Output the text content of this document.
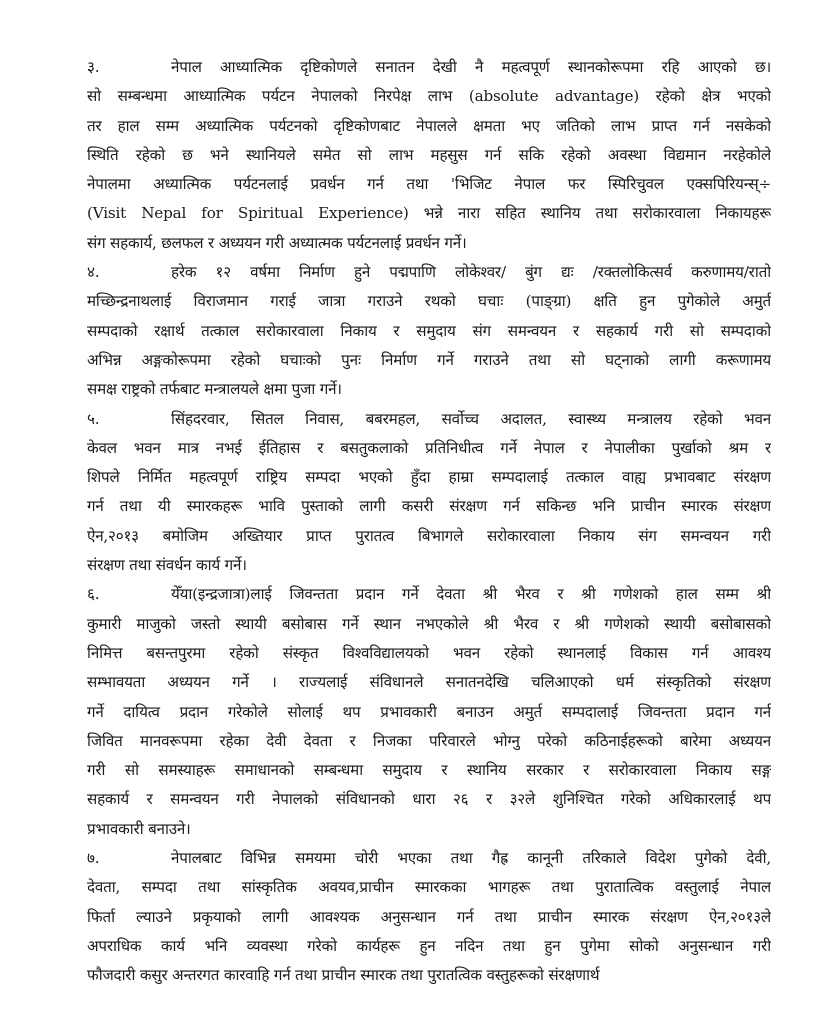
३.	नेपाल आध्यात्मिक दृष्टिकोणले सनातन देखी नै महत्वपूर्ण स्थानकोरूपमा रहि आएको छ।
सो सम्बन्धमा आध्यात्मिक पर्यटन नेपालको निरपेक्ष लाभ (absolute advantage) रहेको क्षेत्र भएको
तर हाल सम्म अध्यात्मिक पर्यटनको दृष्टिकोणबाट नेपालले क्षमता भए जतिको लाभ प्राप्त गर्न नसकेको
स्थिति रहेको छ भने स्थानियले समेत सो लाभ महसुस गर्न सकि रहेको अवस्था विद्यमान नरहेकोले
नेपालमा अध्यात्मिक पर्यटनलाई प्रवर्धन गर्न तथा 'भिजिट नेपाल फर स्पिरिचुवल एक्सपिरियन्स्÷
(Visit Nepal for Spiritual Experience) भन्ने नारा सहित स्थानिय तथा सरोकारवाला निकायहरू
संग सहकार्य, छलफल र अध्ययन गरी अध्यात्मक पर्यटनलाई प्रवर्धन गर्ने।
४.	हरेक १२ वर्षमा निर्माण हुने पद्मपाणि लोकेश्वर/ बुंग द्यः /रक्तलोकित्सर्व करुणामय/रातो
मच्छिन्द्रनाथलाई विराजमान गराई जात्रा गराउने रथको घचाः (पाङ्ग्रा) क्षति हुन पुगेकोले अमुर्त
सम्पदाको रक्षार्थ तत्काल सरोकारवाला निकाय र समुदाय संग समन्वयन र सहकार्य गरी सो सम्पदाको
अभिन्न अङ्गकोरूपमा रहेको घचाःको पुनः निर्माण गर्ने गराउने तथा सो घट्नाको लागी करूणामय
समक्ष राष्ट्रको तर्फबाट मन्त्रालयले क्षमा पुजा गर्ने।
५.	सिंहदरवार, सितल निवास, बबरमहल, सर्वोच्च अदालत, स्वास्थ्य मन्त्रालय रहेको भवन
केवल भवन मात्र नभई ईतिहास र बसतुकलाको प्रतिनिधीत्व गर्ने नेपाल र नेपालीका पुर्खाको श्रम र
शिपले निर्मित महत्वपूर्ण राष्ट्रिय सम्पदा भएको हुँदा हाम्रा सम्पदालाई तत्काल वाह्य प्रभावबाट संरक्षण
गर्न तथा यी स्मारकहरू भावि पुस्ताको लागी कसरी संरक्षण गर्न सकिन्छ भनि प्राचीन स्मारक संरक्षण
ऐन,२०१३ बमोजिम अख्तियार प्राप्त पुरातत्व बिभागले सरोकारवाला निकाय संग समन्वयन गरी
संरक्षण तथा संवर्धन कार्य गर्ने।
६.	येँया(इन्द्रजात्रा)लाई जिवन्तता प्रदान गर्ने देवता श्री भैरव र श्री गणेशको हाल सम्म श्री
कुमारी माजुको जस्तो स्थायी बसोबास गर्ने स्थान नभएकोले श्री भैरव र श्री गणेशको स्थायी बसोबासको
निमित्त बसन्तपुरमा रहेको संस्कृत विश्वविद्यालयको भवन रहेको स्थानलाई विकास गर्न आवश्य
सम्भावयता अध्ययन गर्ने । राज्यलाई संविधानले सनातनदेखि चलिआएको धर्म संस्कृतिको संरक्षण
गर्ने दायित्व प्रदान गरेकोले सोलाई थप प्रभावकारी बनाउन अमुर्त सम्पदालाई जिवन्तता प्रदान गर्न
जिवित मानवरूपमा रहेका देवी देवता र निजका परिवारले भोग्नु परेको कठिनाईहरूको बारेमा अध्ययन
गरी सो समस्याहरू समाधानको सम्बन्धमा समुदाय र स्थानिय सरकार र सरोकारवाला निकाय सङ्ग
सहकार्य र समन्वयन गरी नेपालको संविधानको धारा २६ र ३२ले शुनिश्चित गरेको अधिकारलाई थप
प्रभावकारी बनाउने।
७.	नेपालबाट विभिन्न समयमा चोरी भएका तथा गैह्र कानूनी तरिकाले विदेश पुगेको देवी,
देवता, सम्पदा तथा सांस्कृतिक अवयव,प्राचीन स्मारकका भागहरू तथा पुरातात्विक वस्तुलाई नेपाल
फिर्ता ल्याउने प्रकृयाको लागी आवश्यक अनुसन्धान गर्न तथा प्राचीन स्मारक संरक्षण ऐन,२०१३ले
अपराधिक कार्य भनि व्यवस्था गरेको कार्यहरू हुन नदिन तथा हुन पुगेमा सोको अनुसन्धान गरी
फौजदारी कसुर अन्तरगत कारवाहि गर्न तथा प्राचीन स्मारक तथा पुरातत्विक वस्तुहरूको संरक्षणार्थ
